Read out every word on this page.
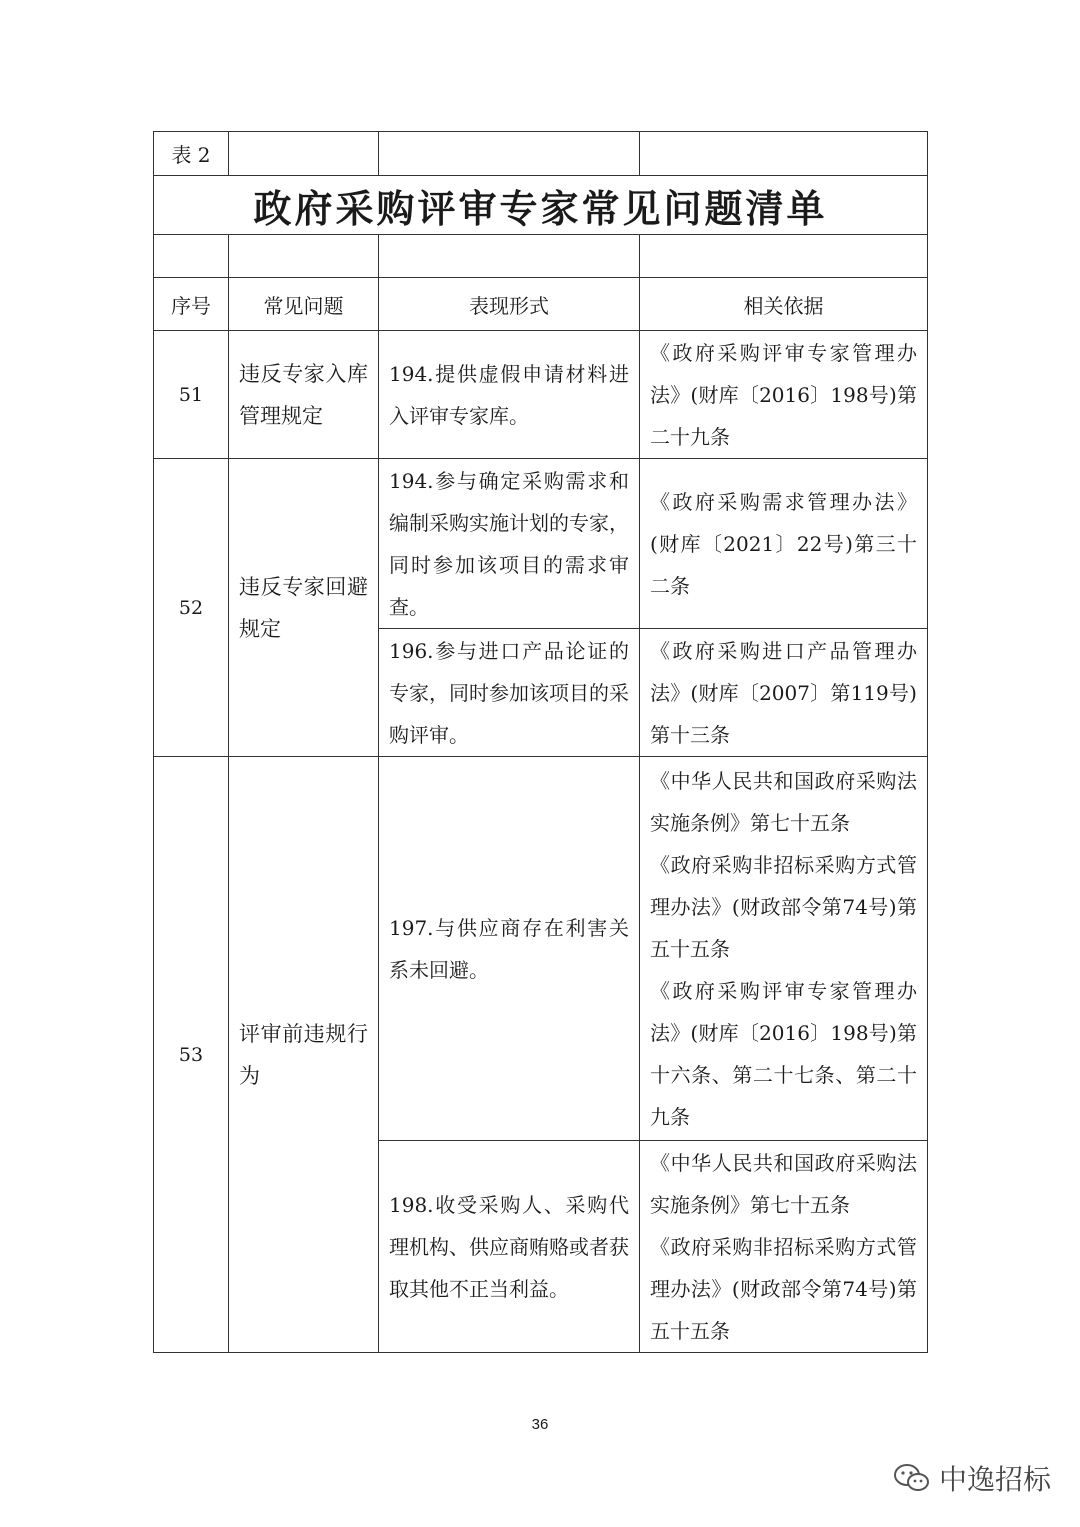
表 2			
政府采购评审专家常见问题清单			

序号	常见问题	表现形式	相关依据
51	违反专家入库管理规定	194.提供虚假申请材料进入评审专家库。	《政府采购评审专家管理办法》(财库〔2016〕198号)第二十九条
52	违反专家回避规定	194.参与确定采购需求和编制采购实施计划的专家，同时参加该项目的需求审查。	《政府采购需求管理办法》(财库〔2021〕22号)第三十二条
		196.参与进口产品论证的专家，同时参加该项目的采购评审。	《政府采购进口产品管理办法》(财库〔2007〕第119号)第十三条
53	评审前违规行为	197.与供应商存在利害关系未回避。	《中华人民共和国政府采购法实施条例》第七十五条

《政府采购非招标采购方式管理办法》(财政部令第74号)第五十五条

《政府采购评审专家管理办法》(财库〔2016〕198号)第十六条、第二十七条、第二十九条

		198.收受采购人、采购代理机构、供应商贿赂或者获取其他不正当利益。	《中华人民共和国政府采购法实施条例》第七十五条

《政府采购非招标采购方式管理办法》(财政部令第74号)第五十五条

36
中逸招标
